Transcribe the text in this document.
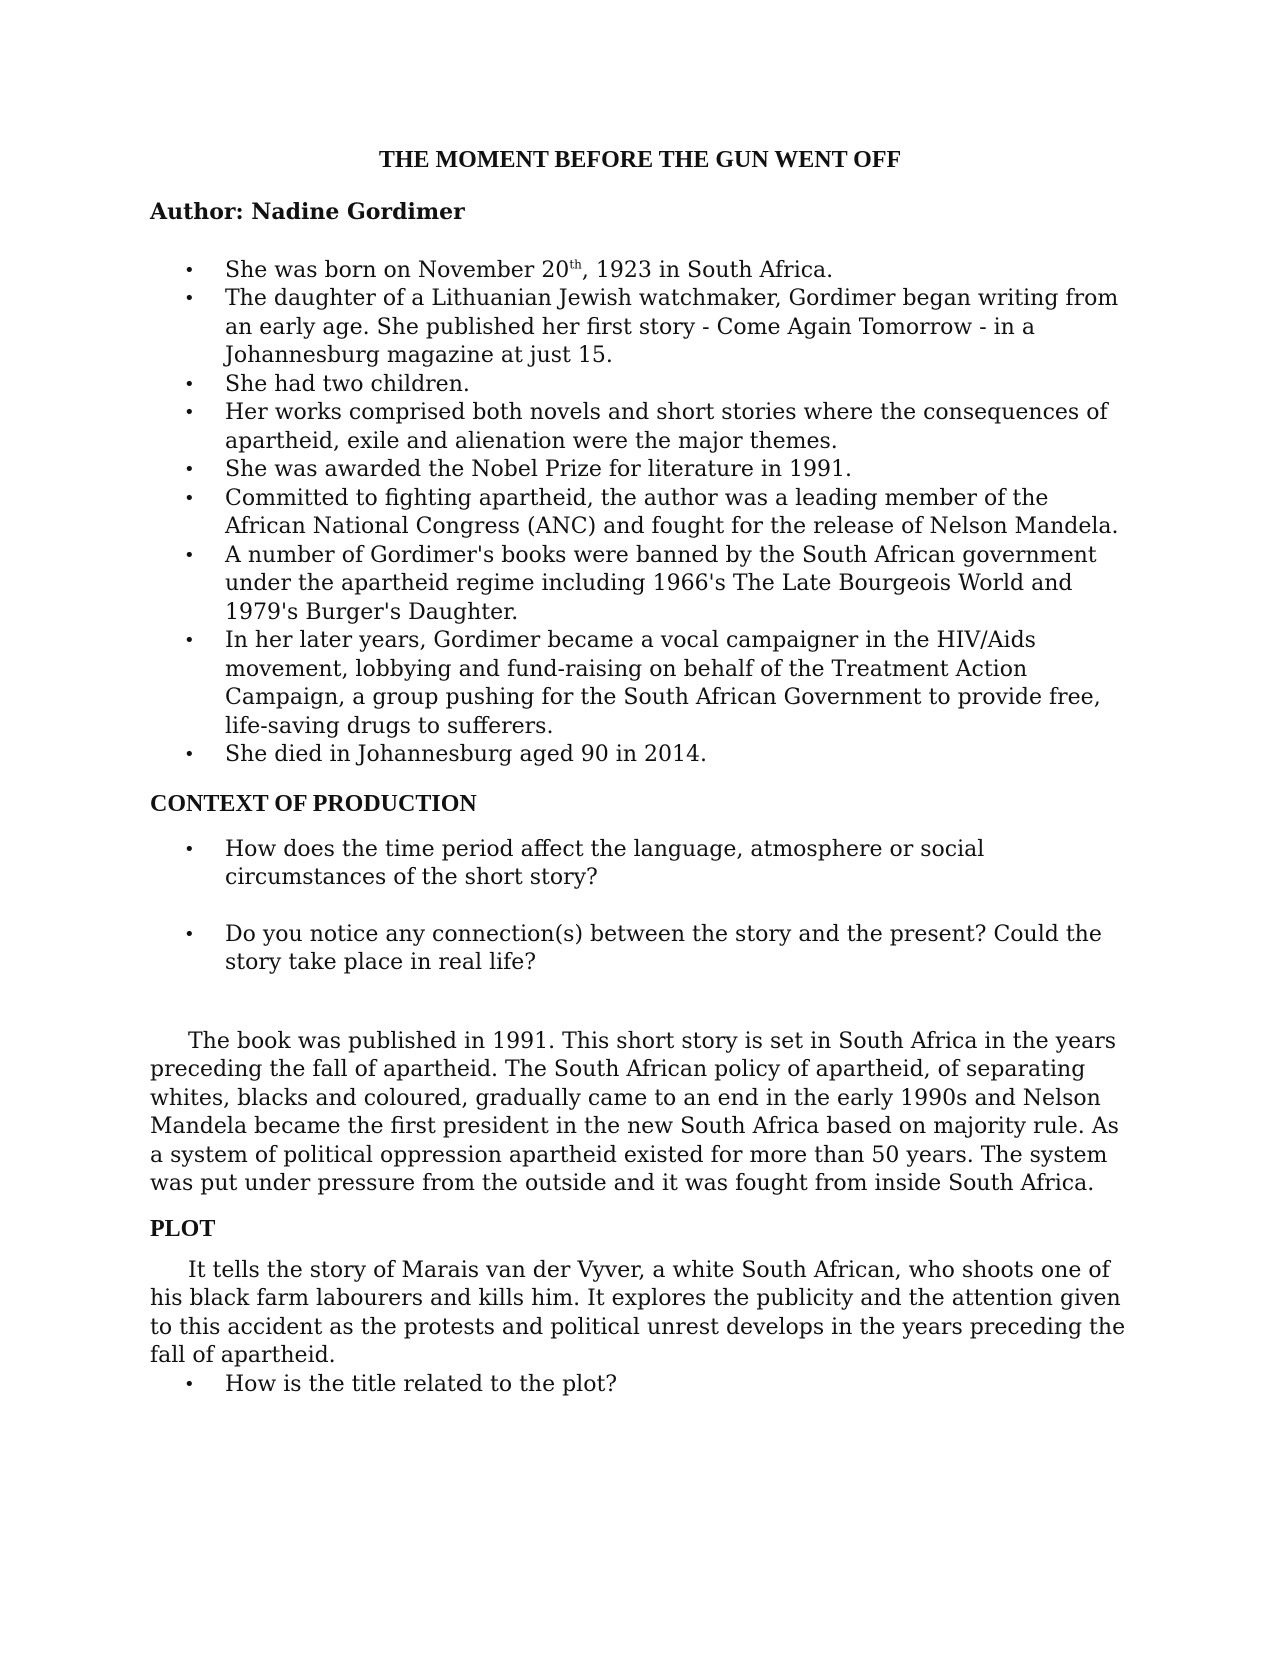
THE MOMENT BEFORE THE GUN WENT OFF
Author: Nadine Gordimer
• She was born on November 20th, 1923 in South Africa.
• The daughter of a Lithuanian Jewish watchmaker, Gordimer began writing from an early age. She published her first story - Come Again Tomorrow - in a Johannesburg magazine at just 15.
• She had two children.
• Her works comprised both novels and short stories where the consequences of apartheid, exile and alienation were the major themes.
• She was awarded the Nobel Prize for literature in 1991.
• Committed to fighting apartheid, the author was a leading member of the African National Congress (ANC) and fought for the release of Nelson Mandela.
• A number of Gordimer's books were banned by the South African government under the apartheid regime including 1966's The Late Bourgeois World and 1979's Burger's Daughter.
• In her later years, Gordimer became a vocal campaigner in the HIV/Aids movement, lobbying and fund-raising on behalf of the Treatment Action Campaign, a group pushing for the South African Government to provide free, life-saving drugs to sufferers.
• She died in Johannesburg aged 90 in 2014.
CONTEXT OF PRODUCTION
• How does the time period affect the language, atmosphere or social circumstances of the short story?
• Do you notice any connection(s) between the story and the present? Could the story take place in real life?

The book was published in 1991. This short story is set in South Africa in the years preceding the fall of apartheid. The South African policy of apartheid, of separating whites, blacks and coloured, gradually came to an end in the early 1990s and Nelson Mandela became the first president in the new South Africa based on majority rule. As a system of political oppression apartheid existed for more than 50 years. The system was put under pressure from the outside and it was fought from inside South Africa.

PLOT

It tells the story of Marais van der Vyver, a white South African, who shoots one of his black farm labourers and kills him. It explores the publicity and the attention given to this accident as the protests and political unrest develops in the years preceding the fall of apartheid.

• How is the title related to the plot?
